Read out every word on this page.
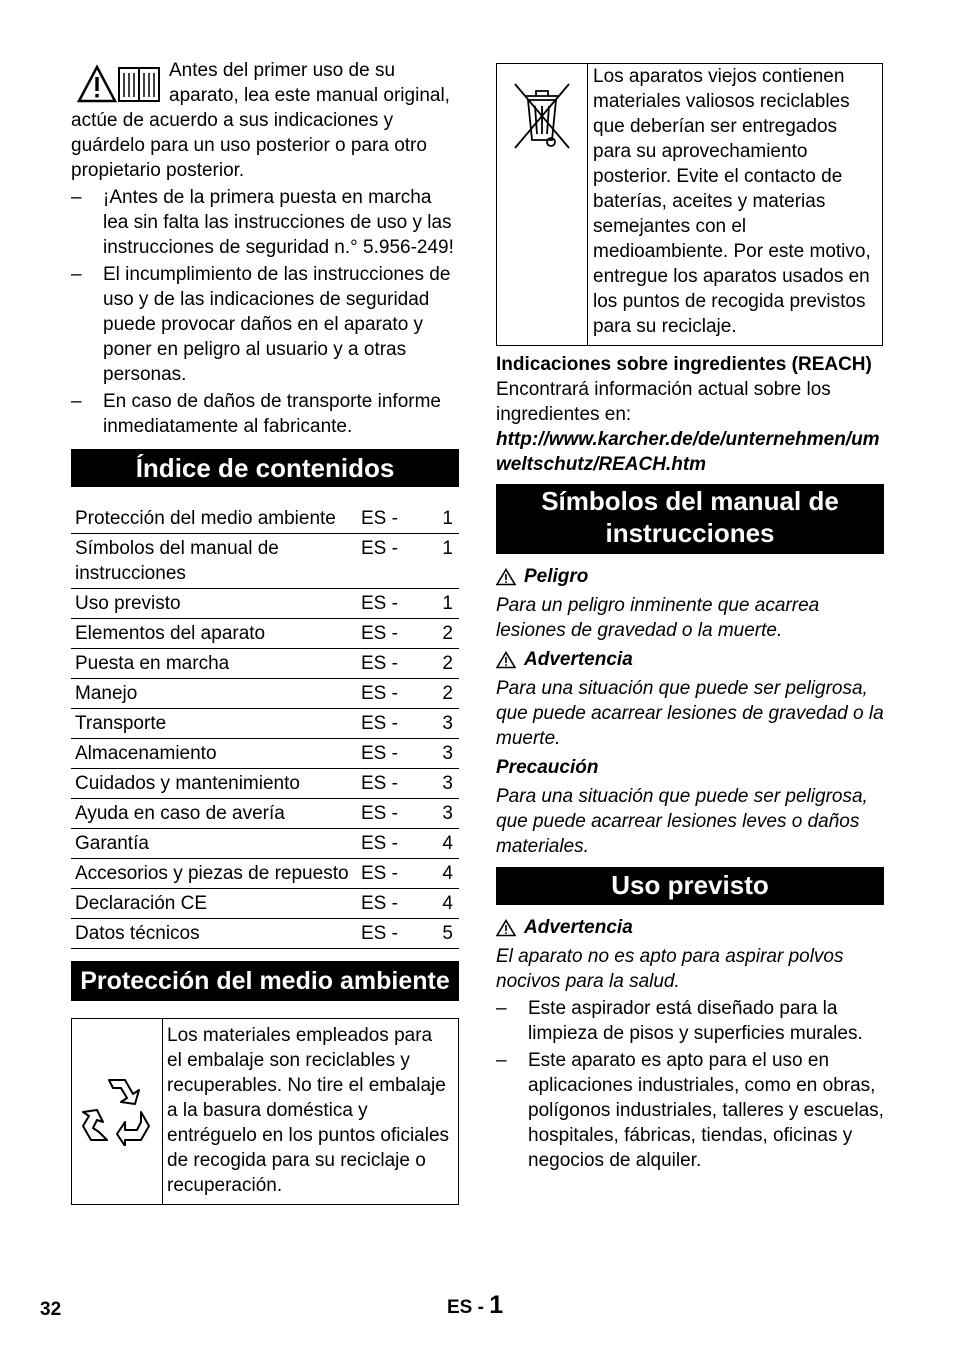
Antes del primer uso de su aparato, lea este manual original, actúe de acuerdo a sus indicaciones y guárdelo para un uso posterior o para otro propietario posterior.

– ¡Antes de la primera puesta en marcha lea sin falta las instrucciones de uso y las instrucciones de seguridad n.° 5.956-249!
– El incumplimiento de las instrucciones de uso y de las indicaciones de seguridad puede provocar daños en el aparato y poner en peligro al usuario y a otras personas.
– En caso de daños de transporte informe inmediatamente al fabricante.
Índice de contenidos
Protección del medio ambiente	ES -	1
Símbolos del manual de instrucciones	ES -	1
Uso previsto	ES -	1
Elementos del aparato	ES -	2
Puesta en marcha	ES -	2
Manejo	ES -	2
Transporte	ES -	3
Almacenamiento	ES -	3
Cuidados y mantenimiento	ES -	3
Ayuda en caso de avería	ES -	3
Garantía	ES -	4
Accesorios y piezas de repuesto	ES -	4
Declaración CE	ES -	4
Datos técnicos	ES -	5
Protección del medio ambiente
	Los materiales empleados para el embalaje son reciclables y recuperables. No tire el embalaje a la basura doméstica y entréguelo en los puntos oficiales de recogida para su reciclaje o recuperación.
	Los aparatos viejos contienen materiales valiosos reciclables que deberían ser entregados para su aprovechamiento posterior. Evite el contacto de baterías, aceites y materias semejantes con el medioambiente. Por este motivo, entregue los aparatos usados en los puntos de recogida previstos para su reciclaje.

Indicaciones sobre ingredientes (REACH)

Encontrará información actual sobre los ingredientes en:

http://www.karcher.de/de/unternehmen/umweltschutz/REACH.htm

Símbolos del manual de instrucciones

Peligro

Para un peligro inminente que acarrea lesiones de gravedad o la muerte.

Advertencia

Para una situación que puede ser peligrosa, que puede acarrear lesiones de gravedad o la muerte.

Precaución

Para una situación que puede ser peligrosa, que puede acarrear lesiones leves o daños materiales.

Uso previsto

Advertencia

El aparato no es apto para aspirar polvos nocivos para la salud.

– Este aspirador está diseñado para la limpieza de pisos y superficies murales.
– Este aparato es apto para el uso en aplicaciones industriales, como en obras, polígonos industriales, talleres y escuelas, hospitales, fábricas, tiendas, oficinas y negocios de alquiler.
32	ES - 1
